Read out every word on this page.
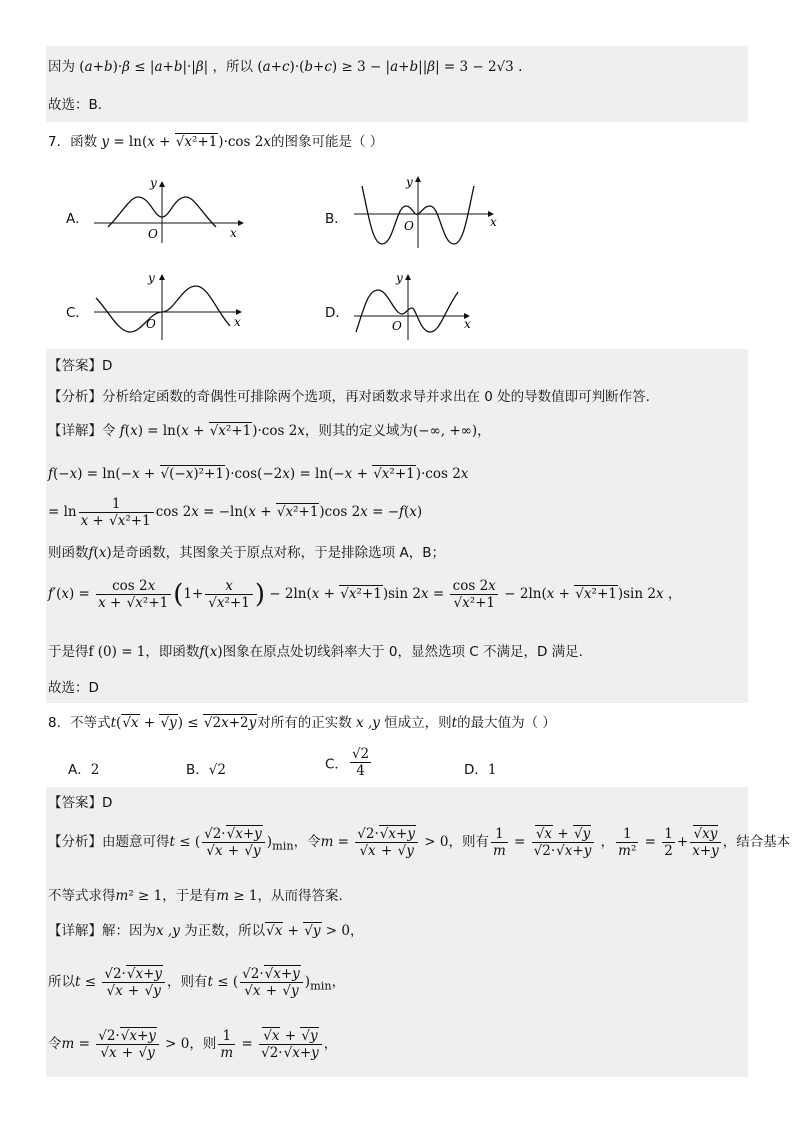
因为 (a+b)·β ≤ |a+b|·|β| ，所以 (a+c)·(b+c) ≥ 3 − |a+b||β| = 3 − 2√3 .
故选：B.
7．函数 y = ln(x + √x²+1)·cos 2x的图象可能是（ ）
A．
x
y
O
B．	x
y
O
C．
x
y
O
D．
x
y
O
【答案】D
【分析】分析给定函数的奇偶性可排除两个选项，再对函数求导并求出在 0 处的导数值即可判断作答.
【详解】令 f(x) = ln(x + √x²+1)·cos 2x，则其的定义域为(−∞, +∞)，
f(−x) = ln(−x + √(−x)²+1)·cos(−2x) = ln(−x + √x²+1)·cos 2x
= $\ln \frac{1}{\text{x + √x²+1}}$ cos 2x = −ln(x + √x²+1)cos 2x = −f(x)
则函数f(x)是奇函数，其图象关于原点对称，于是排除选项 A，B；
$f'(x) = \frac{\cos 2x}{\text{x + √x²+1}} (1+ \frac{x}{\text{√x²+1}}$ ) − 2ln(x + √x²+1)sin $2x = \frac{\cos 2x}{\text{√x²+1}} - 2\ln(x + √x^2+1)\sin$ 2x ，
于是得f (0) = 1，即函数f(x)图象在原点处切线斜率大于 0，显然选项 C 不满足，D 满足.
故选：D
8．不等式t(√x + √y) ≤ √2x+2y对所有的正实数 x ,y 恒成立，则t的最大值为（ ）
A．2	B．√2	C． $\frac{√2}{4}$	D．1
【答案】D
【分析】由题意可得t ≤ ( $\frac{√2\cdot√x+y}{√x + √y} )_{min}$，令$m = \frac{√2\cdot√x+y}{√x + √y} > 0$，则有 $\frac{1}{m} = \frac{√x + √y}{√2\cdot√x+y}$ ， $\frac{1}{\text{m²}} = \frac{1}{2} + \frac{√xy}{x+y}$ ，结合基本
不等式求得m² ≥ 1，于是有m ≥ 1，从而得答案.
【详解】解：因为x ,y 为正数，所以√x + √y > 0，
所以$t \le \frac{√2\cdot√x+y}{√x + √y}$ ，则有t ≤ ( $\frac{√2\cdot√x+y}{√x + √y} )_{min}$，
令$m = \frac{√2\cdot√x+y}{√x + √y} > 0$，则 $\frac{1}{m} = \frac{√x + √y}{√2\cdot√x+y}$ ，
